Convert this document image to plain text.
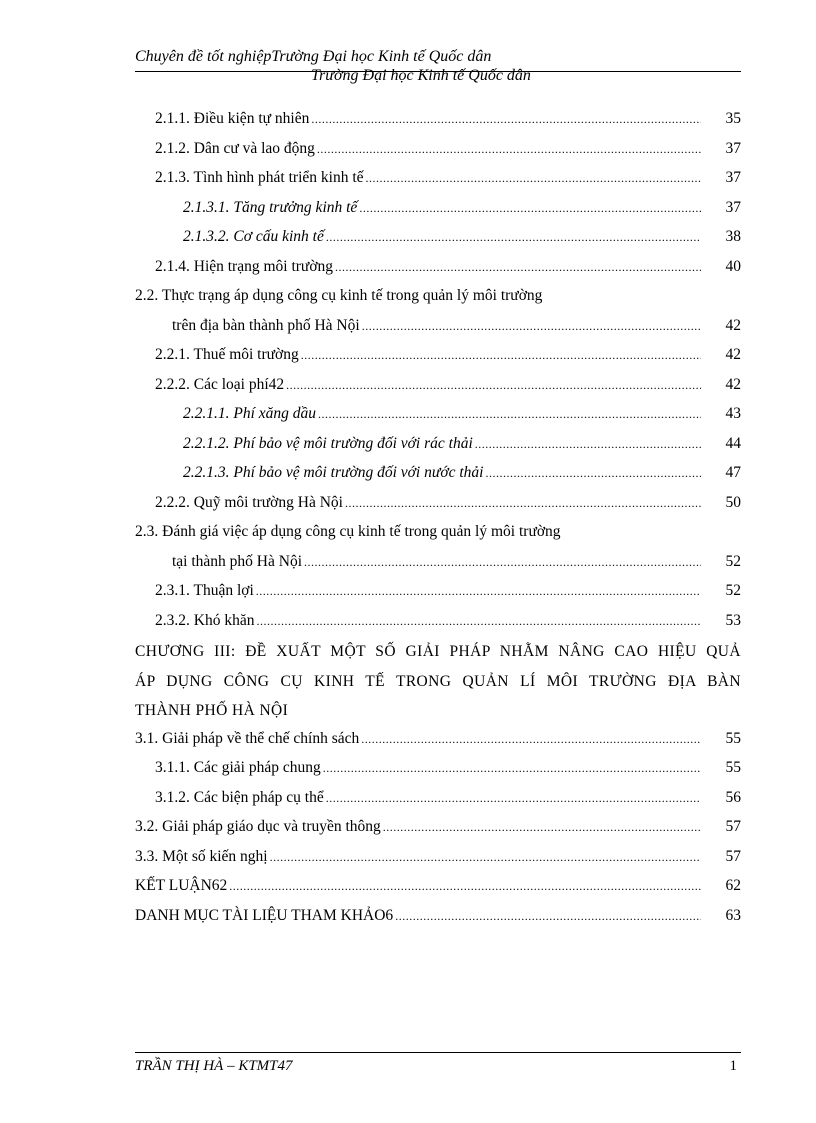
Chuyên đề tốt nghiệpTrường Đại học Kinh tế Quốc dân
Trường Đại học Kinh tế Quốc dân
2.1.1. Điều kiện tự nhiên .....	35
2.1.2. Dân cư và lao động .....	37
2.1.3. Tình hình phát triển kinh tế .....	37
2.1.3.1. Tăng trưởng kinh tế .....	37
2.1.3.2. Cơ cấu kinh tế .....	38
2.1.4. Hiện trạng môi trường .....	40
2.2. Thực trạng áp dụng công cụ kinh tế trong quản lý môi trường
trên địa bàn thành phố Hà Nội .....	42
2.2.1. Thuế môi trường .....	42
2.2.2. Các loại phí42 .....	42
2.2.1.1. Phí xăng dầu .....	43
2.2.1.2. Phí bảo vệ môi trường đối với rác thải .....	44
2.2.1.3. Phí bảo vệ môi trường đối với nước thải .....	47
2.2.2. Quỹ môi trường Hà Nội .....	50
2.3. Đánh giá việc áp dụng công cụ kinh tế trong quản lý môi trường
tại thành phố Hà Nội .....	52
2.3.1. Thuận lợi .....	52
2.3.2. Khó khăn .....	53
CHƯƠNG III: ĐỀ XUẤT MỘT SỐ GIẢI PHÁP NHẰM NÂNG CAO HIỆU QUẢ
ÁP DỤNG CÔNG CỤ KINH TẾ TRONG QUẢN LÍ MÔI TRƯỜNG ĐỊA BÀN
THÀNH PHỐ HÀ NỘI
3.1. Giải pháp về thể chế chính sách .....	55
3.1.1. Các giải pháp chung .....	55
3.1.2. Các biện pháp cụ thể .....	56
3.2. Giải pháp giáo dục và truyền thông .....	57
3.3. Một số kiến nghị .....	57
KẾT LUẬN62 .....	62
DANH MỤC TÀI LIỆU THAM KHẢO6 .....	63
TRẦN THỊ HÀ – KTMT47	1
